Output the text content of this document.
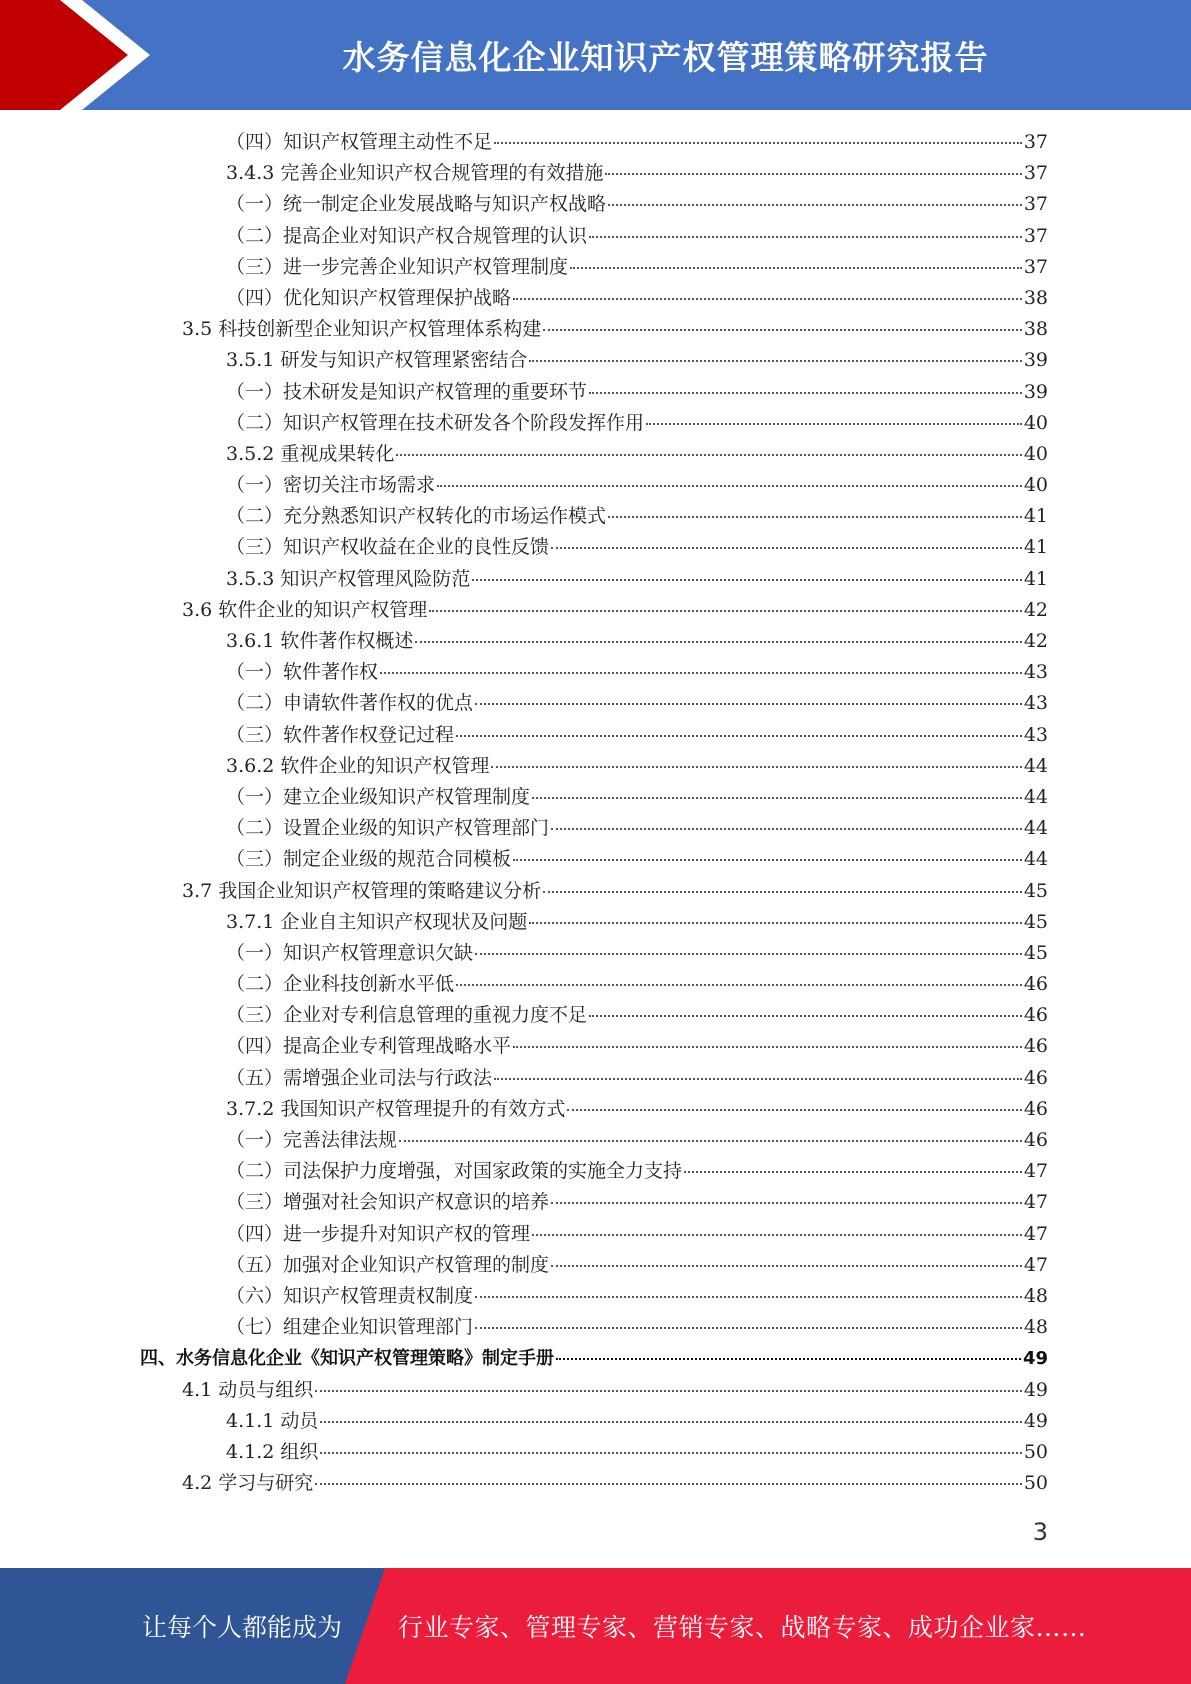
水务信息化企业知识产权管理策略研究报告
（四）知识产权管理主动性不足	37
3.4.3 完善企业知识产权合规管理的有效措施	37
（一）统一制定企业发展战略与知识产权战略	37
（二）提高企业对知识产权合规管理的认识	37
（三）进一步完善企业知识产权管理制度	37
（四）优化知识产权管理保护战略	38
3.5 科技创新型企业知识产权管理体系构建	38
3.5.1 研发与知识产权管理紧密结合	39
（一）技术研发是知识产权管理的重要环节	39
（二）知识产权管理在技术研发各个阶段发挥作用	40
3.5.2 重视成果转化	40
（一）密切关注市场需求	40
（二）充分熟悉知识产权转化的市场运作模式	41
（三）知识产权收益在企业的良性反馈	41
3.5.3 知识产权管理风险防范	41
3.6 软件企业的知识产权管理	42
3.6.1 软件著作权概述	42
（一）软件著作权	43
（二）申请软件著作权的优点	43
（三）软件著作权登记过程	43
3.6.2 软件企业的知识产权管理	44
（一）建立企业级知识产权管理制度	44
（二）设置企业级的知识产权管理部门	44
（三）制定企业级的规范合同模板	44
3.7 我国企业知识产权管理的策略建议分析	45
3.7.1 企业自主知识产权现状及问题	45
（一）知识产权管理意识欠缺	45
（二）企业科技创新水平低	46
（三）企业对专利信息管理的重视力度不足	46
（四）提高企业专利管理战略水平	46
（五）需增强企业司法与行政法	46
3.7.2 我国知识产权管理提升的有效方式	46
（一）完善法律法规	46
（二）司法保护力度增强，对国家政策的实施全力支持	47
（三）增强对社会知识产权意识的培养	47
（四）进一步提升对知识产权的管理	47
（五）加强对企业知识产权管理的制度	47
（六）知识产权管理责权制度	48
（七）组建企业知识管理部门	48
四、水务信息化企业《知识产权管理策略》制定手册	49
4.1 动员与组织	49
4.1.1 动员	49
4.1.2 组织	50
4.2 学习与研究	50
3
让每个人都能成为 行业专家、管理专家、营销专家、战略专家、成功企业家……
